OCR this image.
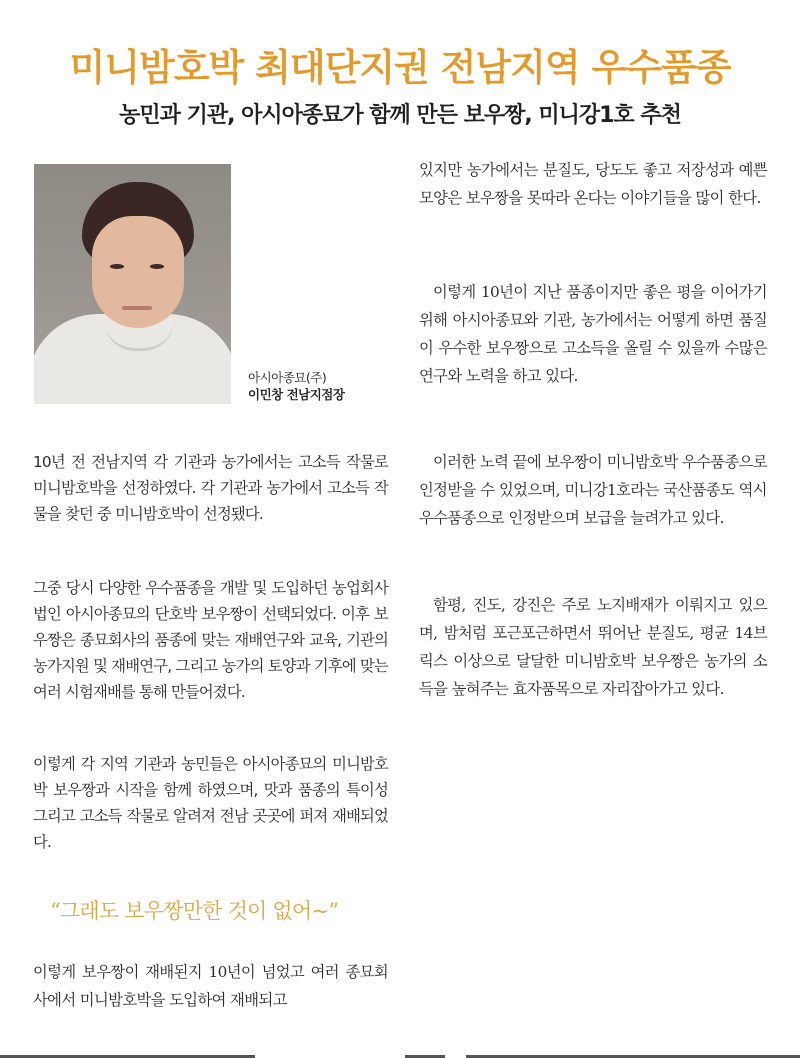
미니밤호박 최대단지권 전남지역 우수품종
농민과 기관, 아시아종묘가 함께 만든 보우짱, 미니강1호 추천
아시아종묘(주)
이민창 전남지점장

10년 전 전남지역 각 기관과 농가에서는 고소득 작물로 미니밤호박을 선정하였다. 각 기관과 농가에서 고소득 작물을 찾던 중 미니밤호박이 선정됐다.

그중 당시 다양한 우수품종을 개발 및 도입하던 농업회사법인 아시아종묘의 단호박 보우짱이 선택되었다. 이후 보우짱은 종묘회사의 품종에 맞는 재배연구와 교육, 기관의 농가지원 및 재배연구, 그리고 농가의 토양과 기후에 맞는 여러 시험재배를 통해 만들어졌다.

이렇게 각 지역 기관과 농민들은 아시아종묘의 미니밤호박 보우짱과 시작을 함께 하였으며, 맛과 품종의 특이성 그리고 고소득 작물로 알려져 전남 곳곳에 퍼져 재배되었다.

“그래도 보우짱만한 것이 없어~”

이렇게 보우짱이 재배된지 10년이 넘었고 여러 종묘회사에서 미니밤호박을 도입하여 재배되고

있지만 농가에서는 분질도, 당도도 좋고 저장성과 예쁜모양은 보우짱을 못따라 온다는 이야기들을 많이 한다.

이렇게 10년이 지난 품종이지만 좋은 평을 이어가기 위해 아시아종묘와 기관, 농가에서는 어떻게 하면 품질이 우수한 보우짱으로 고소득을 올릴 수 있을까 수많은 연구와 노력을 하고 있다.

이러한 노력 끝에 보우짱이 미니밤호박 우수품종으로 인정받을 수 있었으며, 미니강1호라는 국산품종도 역시 우수품종으로 인정받으며 보급을 늘려가고 있다.

함평, 진도, 강진은 주로 노지배재가 이뤄지고 있으며, 밤처럼 포근포근하면서 뛰어난 분질도, 평균 14브릭스 이상으로 달달한 미니밤호박 보우짱은 농가의 소득을 높혀주는 효자품목으로 자리잡아가고 있다.
